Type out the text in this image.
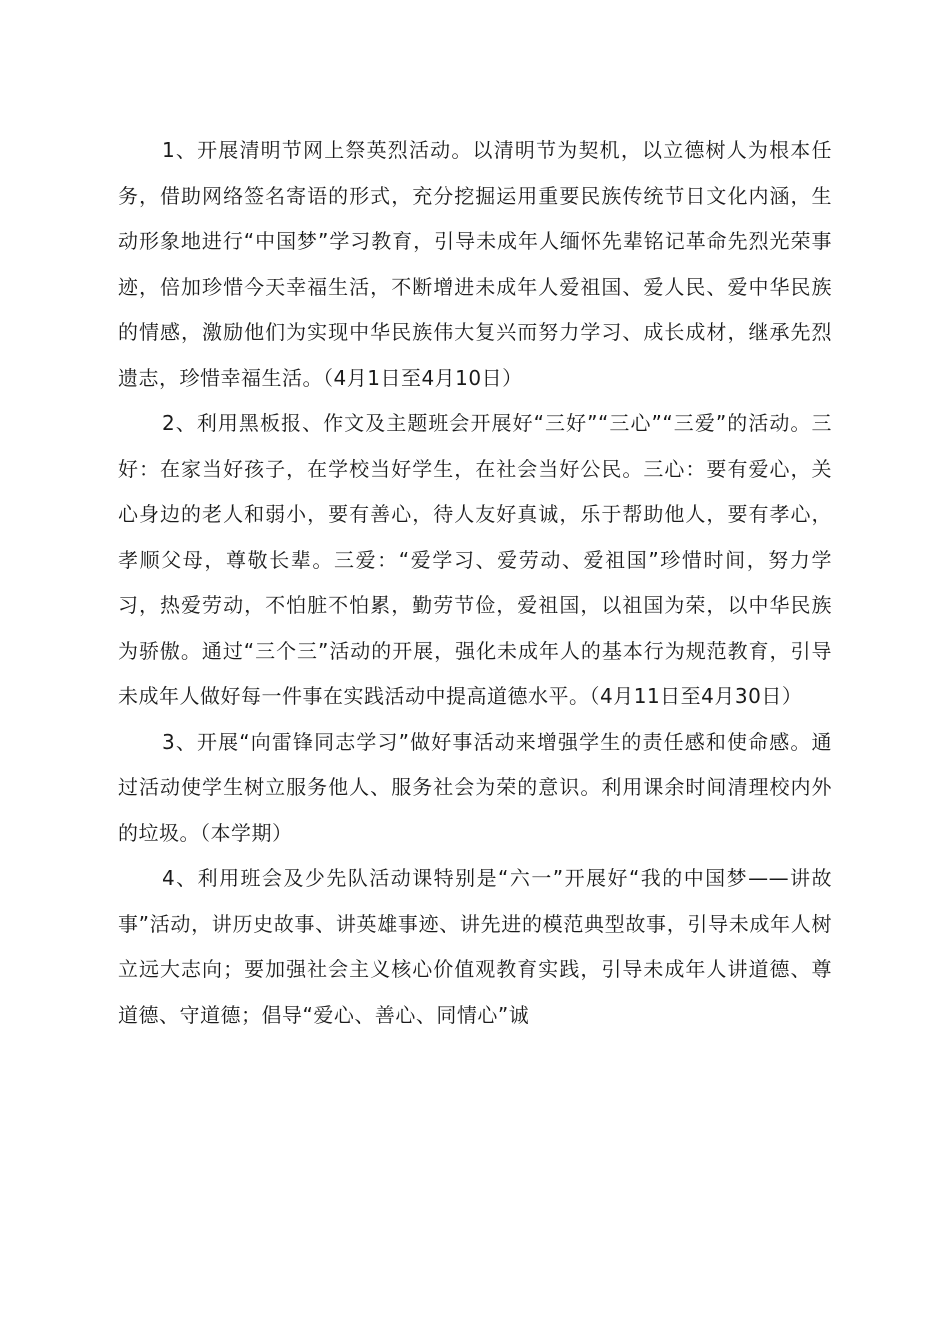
1、开展清明节网上祭英烈活动。以清明节为契机，以立德树人为根本任务，借助网络签名寄语的形式，充分挖掘运用重要民族传统节日文化内涵，生动形象地进行“中国梦”学习教育，引导未成年人缅怀先辈铭记革命先烈光荣事迹，倍加珍惜今天幸福生活，不断增进未成年人爱祖国、爱人民、爱中华民族的情感，激励他们为实现中华民族伟大复兴而努力学习、成长成材，继承先烈遗志，珍惜幸福生活。（4月1日至4月10日）

2、利用黑板报、作文及主题班会开展好“三好”“三心”“三爱”的活动。三好：在家当好孩子，在学校当好学生，在社会当好公民。三心：要有爱心，关心身边的老人和弱小，要有善心，待人友好真诚，乐于帮助他人，要有孝心，孝顺父母，尊敬长辈。三爱：“爱学习、爱劳动、爱祖国”珍惜时间，努力学习，热爱劳动，不怕脏不怕累，勤劳节俭，爱祖国，以祖国为荣，以中华民族为骄傲。通过“三个三”活动的开展，强化未成年人的基本行为规范教育，引导未成年人做好每一件事在实践活动中提高道德水平。（4月11日至4月30日）

3、开展“向雷锋同志学习”做好事活动来增强学生的责任感和使命感。通过活动使学生树立服务他人、服务社会为荣的意识。利用课余时间清理校内外的垃圾。（本学期）

4、利用班会及少先队活动课特别是“六一”开展好“我的中国梦——讲故事”活动，讲历史故事、讲英雄事迹、讲先进的模范典型故事，引导未成年人树立远大志向；要加强社会主义核心价值观教育实践，引导未成年人讲道德、尊道德、守道德；倡导“爱心、善心、同情心”诚
